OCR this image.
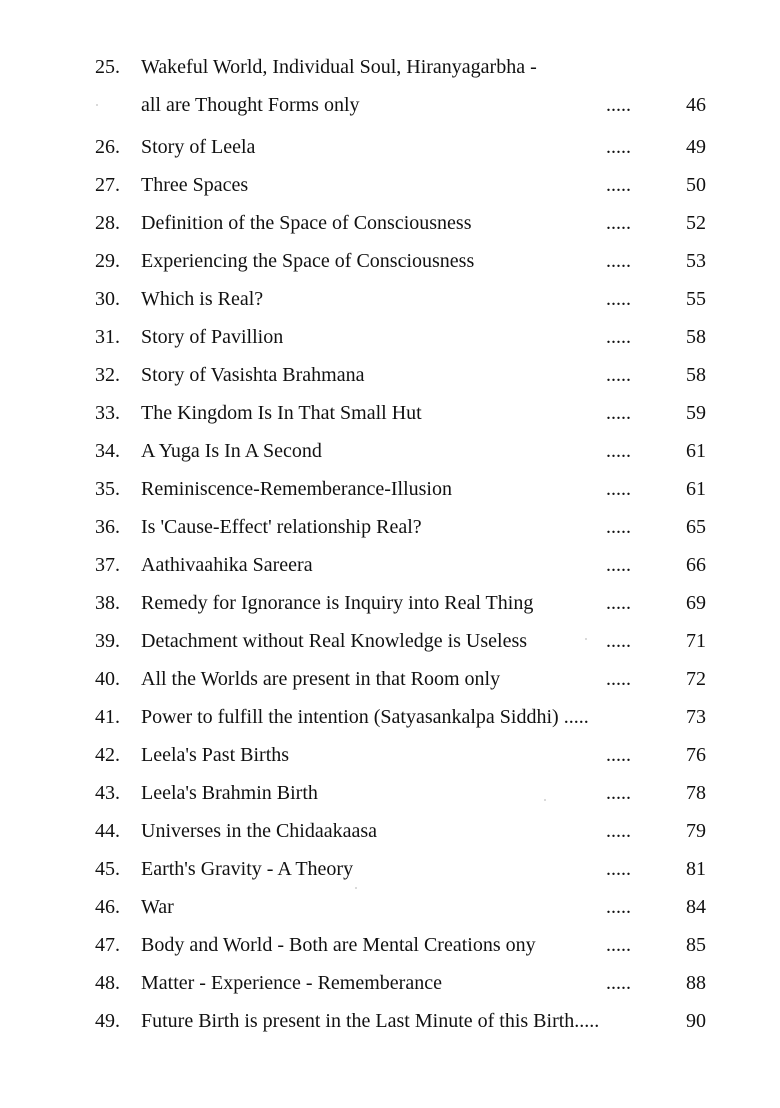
25.	Wakeful World, Individual Soul, Hiranyagarbha -
all are Thought Forms only	.....	46
26.	Story of Leela	.....	49
27.	Three Spaces	.....	50
28.	Definition of the Space of Consciousness	.....	52
29.	Experiencing the Space of Consciousness	.....	53
30.	Which is Real?	.....	55
31.	Story of Pavillion	.....	58
32.	Story of Vasishta Brahmana	.....	58
33.	The Kingdom Is In That Small Hut	.....	59
34.	A Yuga Is In A Second	.....	61
35.	Reminiscence-Rememberance-Illusion	.....	61
36.	Is 'Cause-Effect' relationship Real?	.....	65
37.	Aathivaahika Sareera	.....	66
38.	Remedy for Ignorance is Inquiry into Real Thing	.....	69
39.	Detachment without Real Knowledge is Useless	.....	71
40.	All the Worlds are present in that Room only	.....	72
41.	Power to fulfill the intention (Satyasankalpa Siddhi) .....	73
42.	Leela's Past Births	.....	76
43.	Leela's Brahmin Birth	.....	78
44.	Universes in the Chidaakaasa	.....	79
45.	Earth's Gravity - A Theory	.....	81
46.	War	.....	84
47.	Body and World - Both are Mental Creations ony	.....	85
48.	Matter - Experience - Rememberance	.....	88
49.	Future Birth is present in the Last Minute of this Birth.....	90
